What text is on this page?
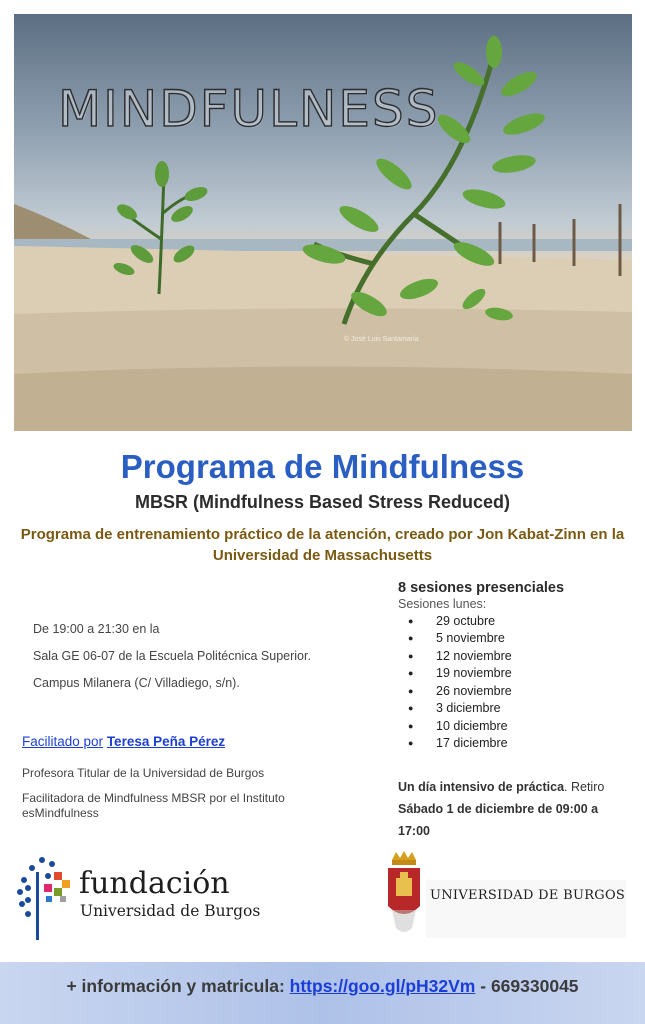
MINDFULNESS
© José Luis Santamaría
Programa de Mindfulness
MBSR (Mindfulness Based Stress Reduced)
Programa de entrenamiento práctico de la atención, creado por Jon Kabat-Zinn en la Universidad de Massachusetts

De 19:00 a 21:30 en la

Sala GE 06-07 de la Escuela Politécnica Superior.

Campus Milanera (C/ Villadiego, s/n).

8 sesiones presenciales
Sesiones lunes:
●	29 octubre
●	5 noviembre
●	12 noviembre
●	19 noviembre
●	26 noviembre
●	3 diciembre
●	10 diciembre
●	17 diciembre
Facilitado por Teresa Peña Pérez

Profesora Titular de la Universidad de Burgos

Facilitadora de Mindfulness MBSR por el Instituto esMindfulness

Un día intensivo de práctica. Retiro
Sábado 1 de diciembre de 09:00 a 17:00
fundación
Universidad de Burgos
UNIVERSIDAD DE BURGOS
+ información y matricula: https://goo.gl/pH32Vm - 669330045
